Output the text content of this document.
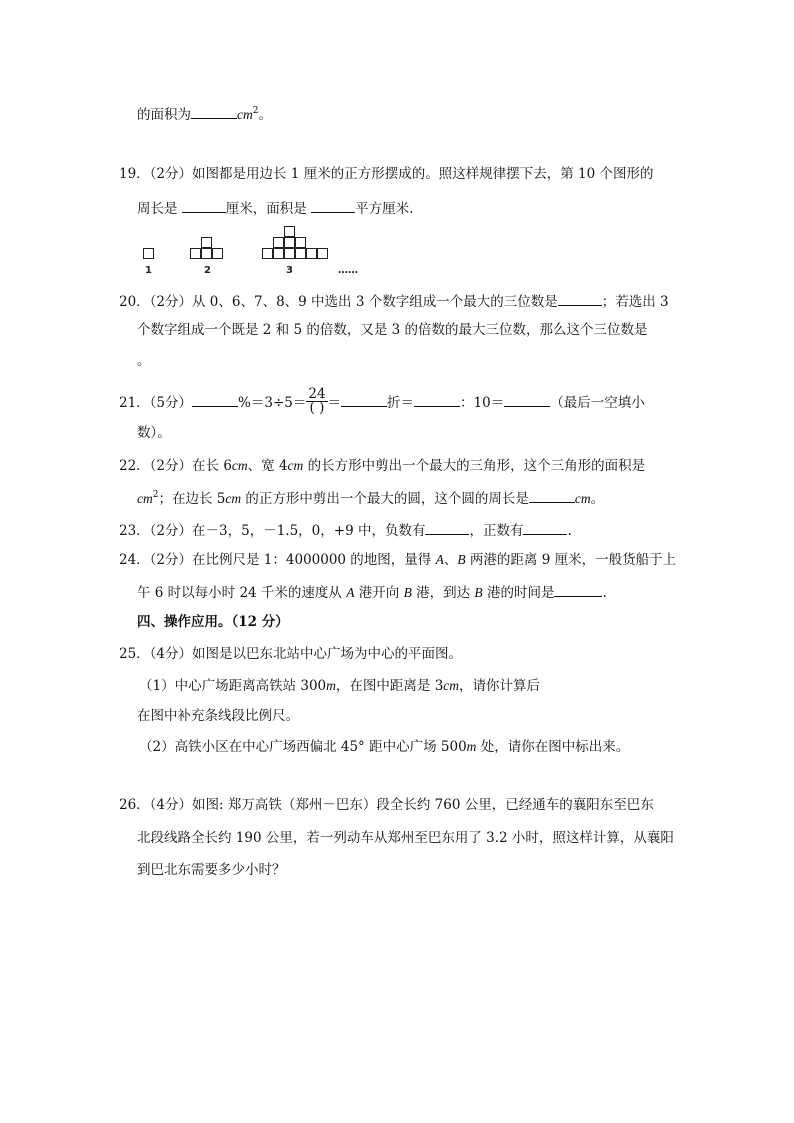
的面积为	$cm^2$。
19．（2分）如图都是用边长 1 厘米的正方形摆成的。照这样规律摆下去，第 10 个图形的
周长是	厘米，面积是	平方厘米.
1	2	3	……
20．（2分）从 0、6、7、8、9 中选出 3 个数字组成一个最大的三位数是	；若选出 3
个数字组成一个既是 2 和 5 的倍数，又是 3 的倍数的最大三位数，那么这个三位数是
。
21．（5分）	$\%=3\div 5= \frac{24}{( )}$ ＝	折＝	：10＝	（最后一空填小
数）。
22．（2分）在长 6cm、宽 4cm 的长方形中剪出一个最大的三角形，这个三角形的面积是
$cm^2$；在边长 5cm 的正方形中剪出一个最大的圆，这个圆的周长是	cm。
23．（2分）在－3，5，－1.5，0，+9 中，负数有	，正数有	.
24．（2分）在比例尺是 1：4000000 的地图，量得 A、B 两港的距离 9 厘米，一般货船于上
午 6 时以每小时 24 千米的速度从 A 港开向 B 港，到达 B 港的时间是	.
四、操作应用。（12 分）
25．（4分）如图是以巴东北站中心广场为中心的平面图。
（1）中心广场距离高铁站 300m，在图中距离是 3cm，请你计算后
在图中补充条线段比例尺。
（2）高铁小区在中心广场西偏北 45° 距中心广场 500m 处，请你在图中标出来。
26．（4分）如图: 郑万高铁（郑州－巴东）段全长约 760 公里，已经通车的襄阳东至巴东
北段线路全长约 190 公里，若一列动车从郑州至巴东用了 3.2 小时，照这样计算，从襄阳
到巴北东需要多少小时？
